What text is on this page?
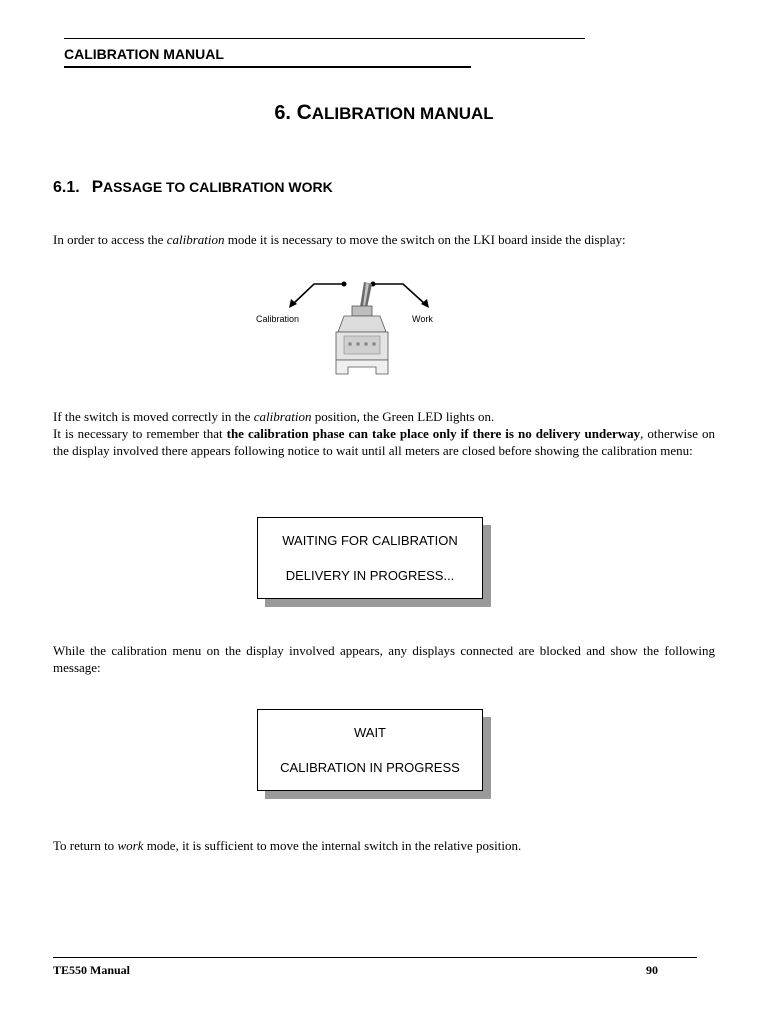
CALIBRATION MANUAL
6. CALIBRATION MANUAL
6.1. PASSAGE TO CALIBRATION WORK

In order to access the calibration mode it is necessary to move the switch on the LKI board inside the display:

Calibration	Work

If the switch is moved correctly in the calibration position, the Green LED lights on.

It is necessary to remember that the calibration phase can take place only if there is no delivery underway, otherwise on the display involved there appears following notice to wait until all meters are closed before showing the calibration menu:

WAITING FOR CALIBRATION
DELIVERY IN PROGRESS...

While the calibration menu on the display involved appears, any displays connected are blocked and show the following message:

WAIT
CALIBRATION IN PROGRESS

To return to work mode, it is sufficient to move the internal switch in the relative position.

TE550 Manual	90
